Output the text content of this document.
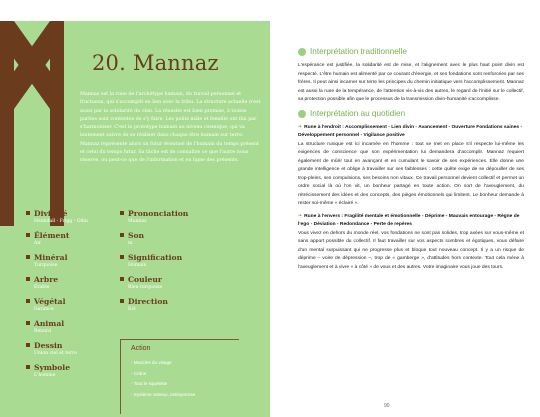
20. Mannaz

Mannaz est la rune de l'archétype humain, du travail personnel et fructueux, qui s'accomplit en lien avec la tribu. La structure actuelle n'est aussi par la solidarité du clan. La réussite est bien promise, à toutes parties sont contentes de s'y faire. Les polits mâle et femelle ont fini par s'harmoniser. C'est le prototype humain au niveau cosmique, qui va lentement suivre de se réaliser dans chaque être humain sur terre. Mannaz représente alors un futur éventuel de l'humain du temps présent et celui du temps futur. Sa tâche est de connaître ce que l'autre nous réserve, ou peut-ce que de l'information et en ligne des présents.

Divinité
Heimdall - Frigg - Odin
Élément
Air
Minéral
Turquoise
Arbre
Érable
Végétal
Garance
Animal
Renard
Dessin
Union ciel et terre
Symbole
L'homme
Prononciation
Mannaz
Son
m
Signification
Humain
Couleur
Bleu turquoise
Direction
Est
Action
- Muscles du visage
- Crâne
- Tout le squelette
- Système osseux, ostéoporose
Interprétation traditionnelle

L'espérance est justifiée, la solidarité est de mise, et l'alignement avec le plus haut point divin est respecté. L'être humain est alimenté par ce courant d'énergie, et ses fondations sont renforcées par ses frères. Il peut ainsi incarner sur terre les principes du chemin initiatique vers l'accomplissement. Mannaz est aussi la rune de la tempérance, de l'attention vis-à-vis des autres, le regard de l'initié sur le collectif, sa protection possible afin que le processus de la transmission divin-humanité s'accomplisse.

Interprétation au quotidien

❧ Rune à l'endroit : Accomplissement - Lien divin - Avancement - Ouverture Fondations saines - Développement personnel - Vigilance positive

La structure runique est ici incarnée en l'homme : tout se met en place s'il respecte lui-même les exigences de conscience que son expérimentation lui demandera d'accomplir. Mannaz requiert également de mûrir tout en avançant et en cumulant le savoir de ses expériences. Elle donne une grande intelligence et oblige à travailler sur ses faiblesses : cette quête exige de se dépouiller de ses trop-pleins, ses compulsions, ses besoins non vitaux. Ce travail personnel devient collectif et permet un ordre social là où l'on vit, un bonheur partagé en toute action. On sort de l'aveuglement, du rétrécissement des idées et des concepts, des pièges émotionnels qui limitent. Le bonheur demande à rester soi-même « éclairé ».

❧ Rune à l'envers : Fragilité mentale et émotionnelle - Déprime - Mauvais entourage - Règne de l'ego - Déviation - Redondance - Perte de repères

Vous vivez en dehors du monde réel, vos fondations ne sont pas solides, trop axées sur vous-même et sans apport possible du collectif. Il faut travailler sur vos aspects sombres et égotiques, vous défaire d'un mental surpuissant qui ne progresse plus et bloque tout nouveau concept. Il y a un risque de déprime – voire de dépression –, trop de « gamberge », d'attitudes hors contexte. Tout cela mène à l'aveuglement et à vivre « à côté » de vous et des autres. Votre imaginaire vous joue des tours.

90
